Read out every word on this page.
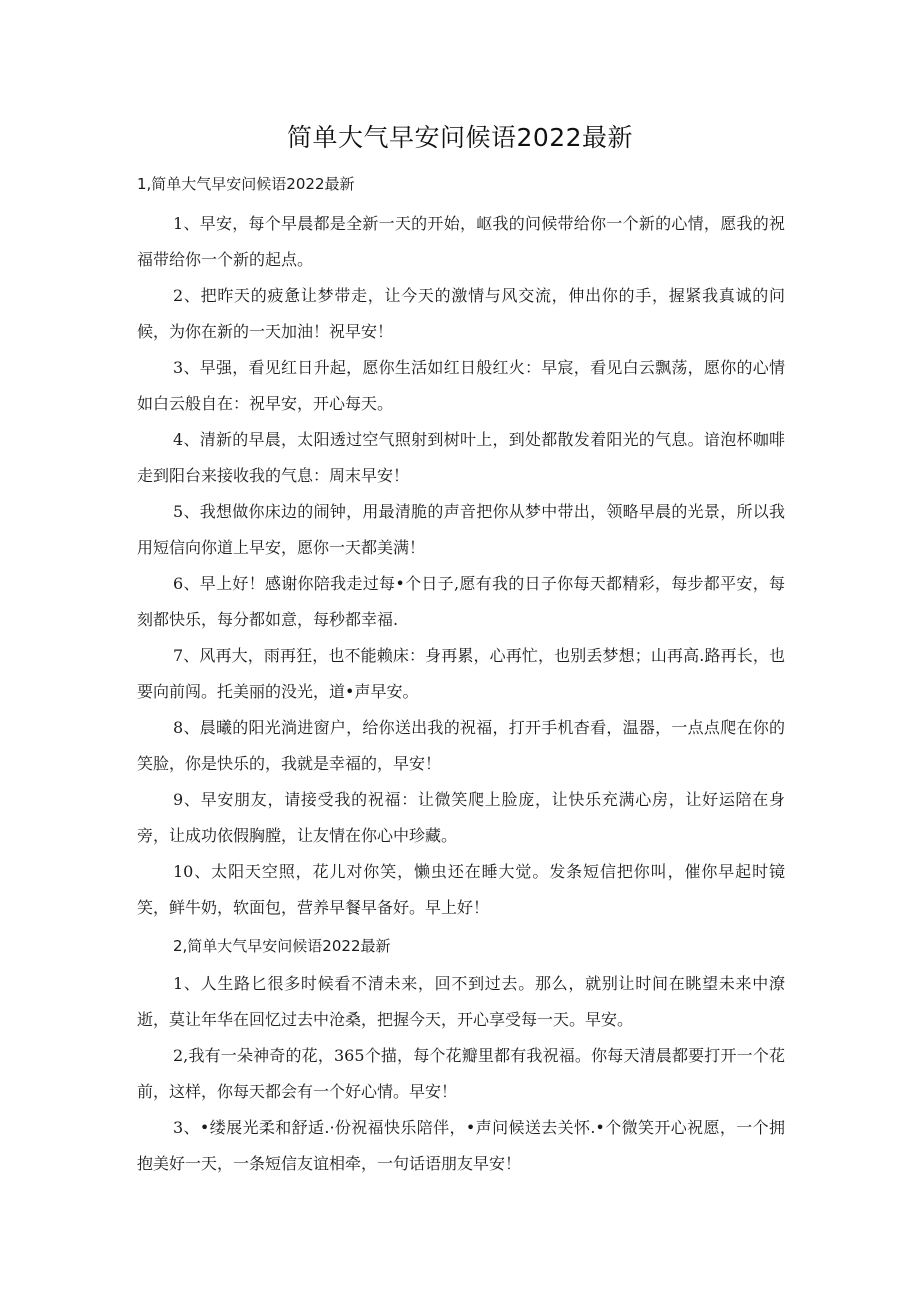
简单大气早安问候语2022最新
1,简单大气早安问候语2022最新

1、早安，每个早晨都是全新一天的开始，岖我的问候带给你一个新的心情，愿我的祝福带给你一个新的起点。

2、把昨天的疲惫让梦带走，让今天的激情与风交流，伸出你的手，握紧我真诚的问候，为你在新的一天加油！祝早安！

3、早强，看见红日升起，愿你生活如红日般红火：早宸，看见白云飘荡，愿你的心情如白云般自在：祝早安，开心每天。

4、清新的早晨，太阳透过空气照射到树叶上，到处都散发着阳光的气息。谙泡杯咖啡走到阳台来接收我的气息：周末早安！

5、我想做你床边的闹钟，用最清脆的声音把你从梦中带出，领略早晨的光景，所以我用短信向你道上早安，愿你一天都美满！

6、早上好！感谢你陪我走过每•个日子,愿有我的日子你每天都精彩，每步都平安，每刻都快乐，每分都如意，每秒都幸福.

7、风再大，雨再狂，也不能赖床：身再累，心再忙，也别丢梦想；山再高.路再长，也要向前闯。托美丽的没光，道•声早安。

8、晨曦的阳光淌进窗户，给你送出我的祝福，打开手机杳看，温器，一点点爬在你的笑脸，你是快乐的，我就是幸福的，早安！

9、早安朋友，请接受我的祝福：让微笑爬上脸庞，让快乐充满心房，让好运陪在身旁，让成功依假胸膛，让友情在你心中珍藏。

10、太阳天空照，花儿对你笑，懒虫还在睡大觉。发条短信把你叫，催你早起时镜笑，鲜牛奶，软面包，营养早餐早备好。早上好！

2,简单大气早安问候语2022最新

1、人生路匕很多时候看不清未来，回不到过去。那么，就别让时间在眺望未来中潦逝，莫让年华在回忆过去中沧桑，把握今天，开心享受每一天。早安。

2,我有一朵神奇的花，365个描，每个花瓣里都有我祝福。你每天清晨都要打开一个花前，这样，你每天都会有一个好心情。早安！

3、•缕展光柔和舒适.·份祝福快乐陪伴，•声问候送去关怀.•个微笑开心祝愿，一个拥抱美好一天，一条短信友谊相牵，一句话语朋友早安！
